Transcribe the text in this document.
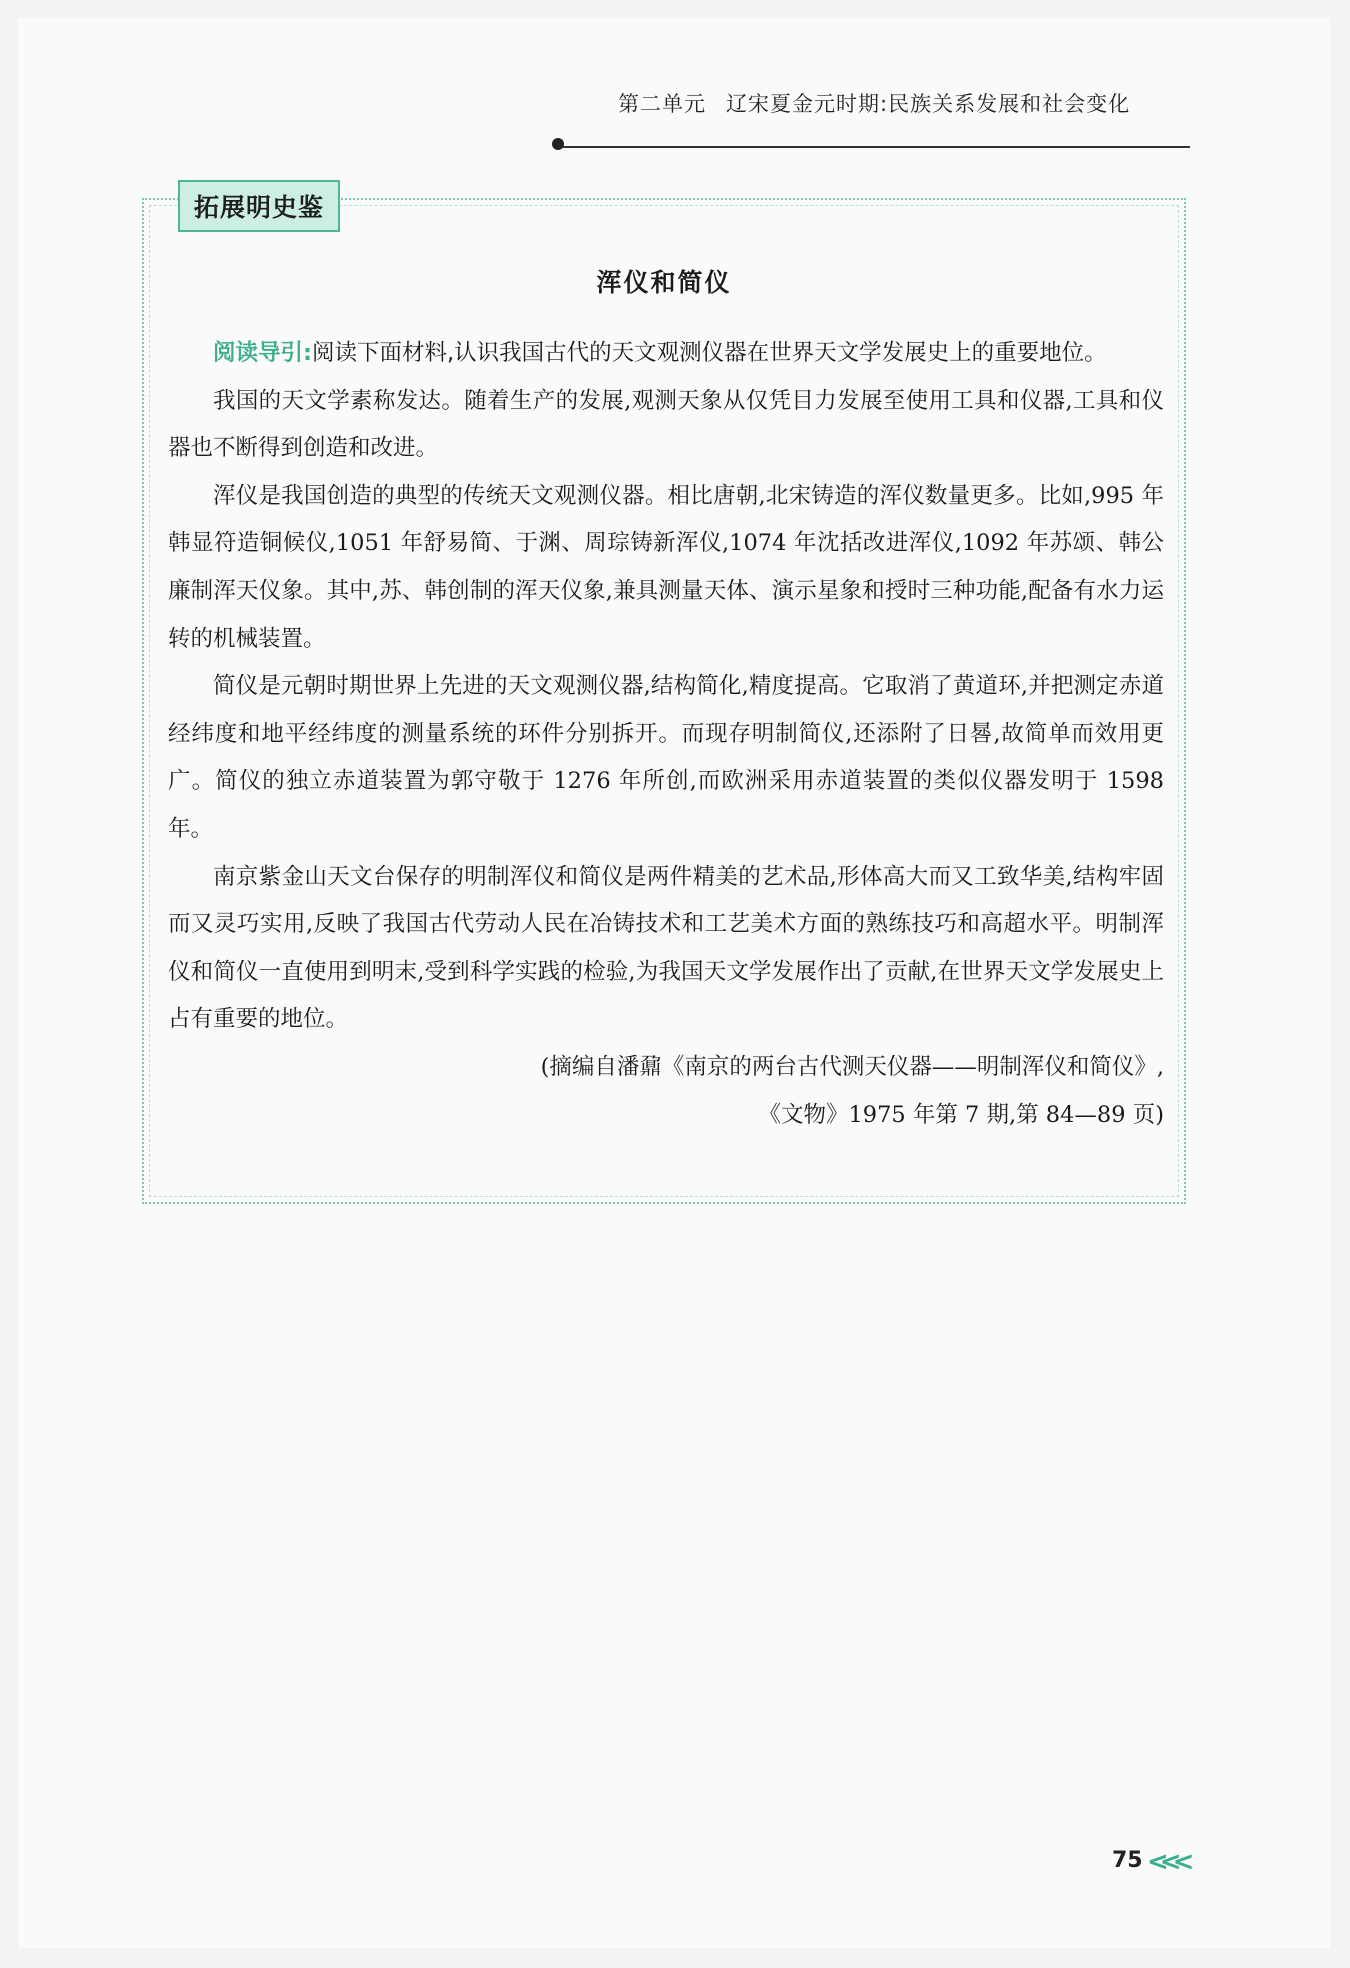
第二单元 辽宋夏金元时期:民族关系发展和社会变化
拓展明史鉴
浑仪和简仪

阅读导引:阅读下面材料,认识我国古代的天文观测仪器在世界天文学发展史上的重要地位。

我国的天文学素称发达。随着生产的发展,观测天象从仅凭目力发展至使用工具和仪器,工具和仪器也不断得到创造和改进。

浑仪是我国创造的典型的传统天文观测仪器。相比唐朝,北宋铸造的浑仪数量更多。比如,995 年韩显符造铜候仪,1051 年舒易简、于渊、周琮铸新浑仪,1074 年沈括改进浑仪,1092 年苏颂、韩公廉制浑天仪象。其中,苏、韩创制的浑天仪象,兼具测量天体、演示星象和授时三种功能,配备有水力运转的机械装置。

简仪是元朝时期世界上先进的天文观测仪器,结构简化,精度提高。它取消了黄道环,并把测定赤道经纬度和地平经纬度的测量系统的环件分别拆开。而现存明制简仪,还添附了日晷,故简单而效用更广。简仪的独立赤道装置为郭守敬于 1276 年所创,而欧洲采用赤道装置的类似仪器发明于 1598 年。

南京紫金山天文台保存的明制浑仪和简仪是两件精美的艺术品,形体高大而又工致华美,结构牢固而又灵巧实用,反映了我国古代劳动人民在冶铸技术和工艺美术方面的熟练技巧和高超水平。明制浑仪和简仪一直使用到明末,受到科学实践的检验,为我国天文学发展作出了贡献,在世界天文学发展史上占有重要的地位。

(摘编自潘鼐《南京的两台古代测天仪器——明制浑仪和简仪》,
《文物》1975 年第 7 期,第 84—89 页)
75 <<<
